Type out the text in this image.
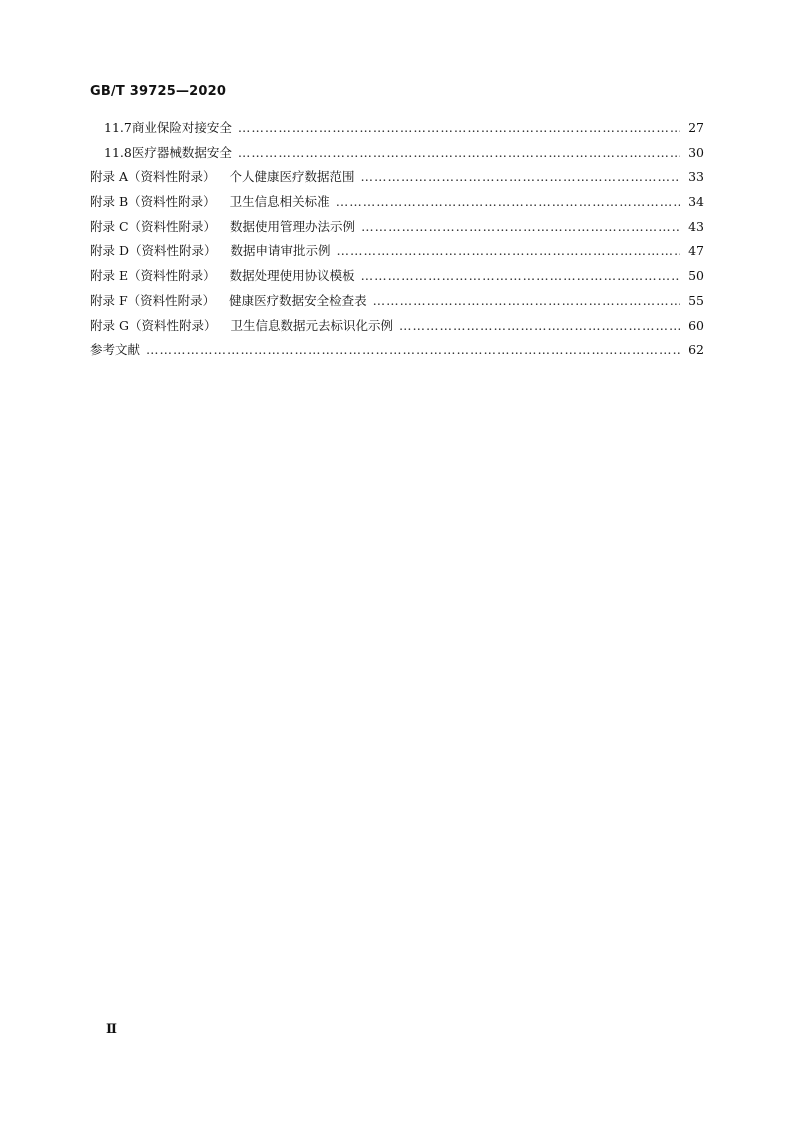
GB/T 39725—2020
11.7 商业保险对接安全 …………………………………………………………………………………………………………………………………………………………………………………………………………………………………	27
11.8 医疗器械数据安全 …………………………………………………………………………………………………………………………………………………………………………………………………………………………………	30
附录 A（资料性附录） 个人健康医疗数据范围 …………………………………………………………………………………………………………………………………………………………………………………………………………………………………	33
附录 B（资料性附录） 卫生信息相关标准 …………………………………………………………………………………………………………………………………………………………………………………………………………………………………	34
附录 C（资料性附录） 数据使用管理办法示例 …………………………………………………………………………………………………………………………………………………………………………………………………………………………………	43
附录 D（资料性附录） 数据申请审批示例 …………………………………………………………………………………………………………………………………………………………………………………………………………………………………	47
附录 E（资料性附录） 数据处理使用协议模板 …………………………………………………………………………………………………………………………………………………………………………………………………………………………………	50
附录 F（资料性附录） 健康医疗数据安全检查表 …………………………………………………………………………………………………………………………………………………………………………………………………………………………………	55
附录 G（资料性附录） 卫生信息数据元去标识化示例 …………………………………………………………………………………………………………………………………………………………………………………………………………………………………	60
参考文献 …………………………………………………………………………………………………………………………………………………………………………………………………………………………………	62
Ⅱ
